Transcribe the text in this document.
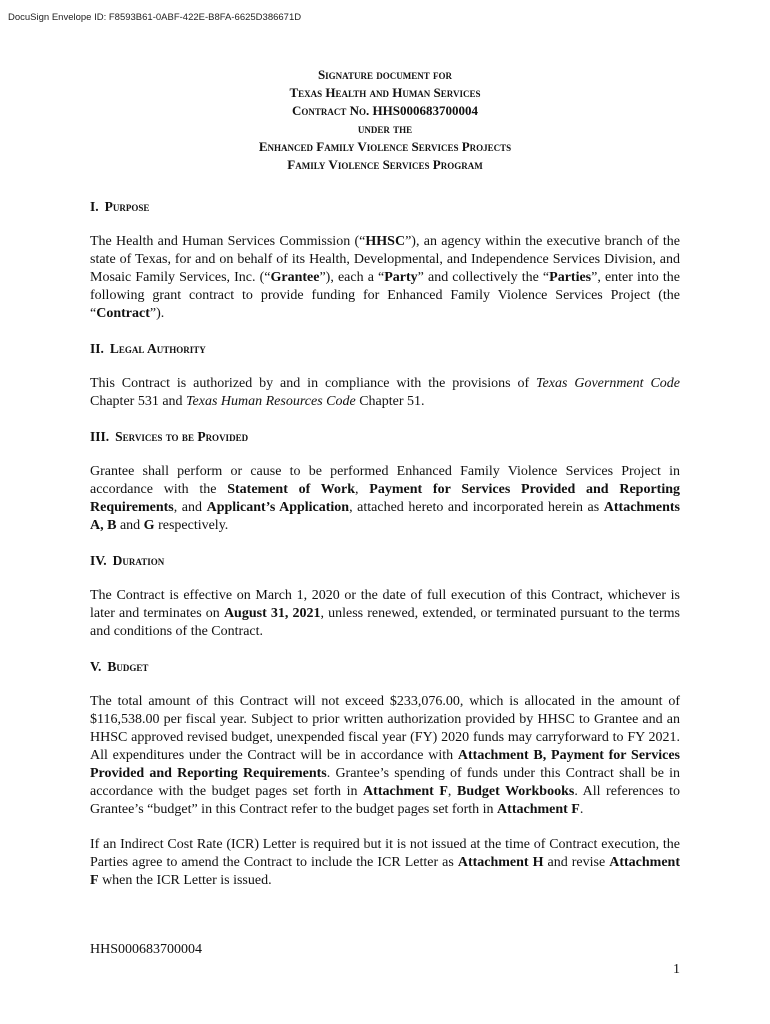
DocuSign Envelope ID: F8593B61-0ABF-422E-B8FA-6625D386671D
Signature document for
Texas Health and Human Services
Contract No. HHS000683700004
under the
Enhanced Family Violence Services Projects
Family Violence Services Program
I. Purpose

The Health and Human Services Commission (“HHSC”), an agency within the executive branch of the state of Texas, for and on behalf of its Health, Developmental, and Independence Services Division, and Mosaic Family Services, Inc. (“Grantee”), each a “Party” and collectively the “Parties”, enter into the following grant contract to provide funding for Enhanced Family Violence Services Project (the “Contract”).

II. Legal Authority

This Contract is authorized by and in compliance with the provisions of Texas Government Code Chapter 531 and Texas Human Resources Code Chapter 51.

III. Services to be Provided

Grantee shall perform or cause to be performed Enhanced Family Violence Services Project in accordance with the Statement of Work, Payment for Services Provided and Reporting Requirements, and Applicant’s Application, attached hereto and incorporated herein as Attachments A, B and G respectively.

IV. Duration

The Contract is effective on March 1, 2020 or the date of full execution of this Contract, whichever is later and terminates on August 31, 2021, unless renewed, extended, or terminated pursuant to the terms and conditions of the Contract.

V. Budget

The total amount of this Contract will not exceed $233,076.00, which is allocated in the amount of $116,538.00 per fiscal year. Subject to prior written authorization provided by HHSC to Grantee and an HHSC approved revised budget, unexpended fiscal year (FY) 2020 funds may carryforward to FY 2021. All expenditures under the Contract will be in accordance with Attachment B, Payment for Services Provided and Reporting Requirements. Grantee’s spending of funds under this Contract shall be in accordance with the budget pages set forth in Attachment F, Budget Workbooks. All references to Grantee’s “budget” in this Contract refer to the budget pages set forth in Attachment F.

If an Indirect Cost Rate (ICR) Letter is required but it is not issued at the time of Contract execution, the Parties agree to amend the Contract to include the ICR Letter as Attachment H and revise Attachment F when the ICR Letter is issued.

HHS000683700004
1
